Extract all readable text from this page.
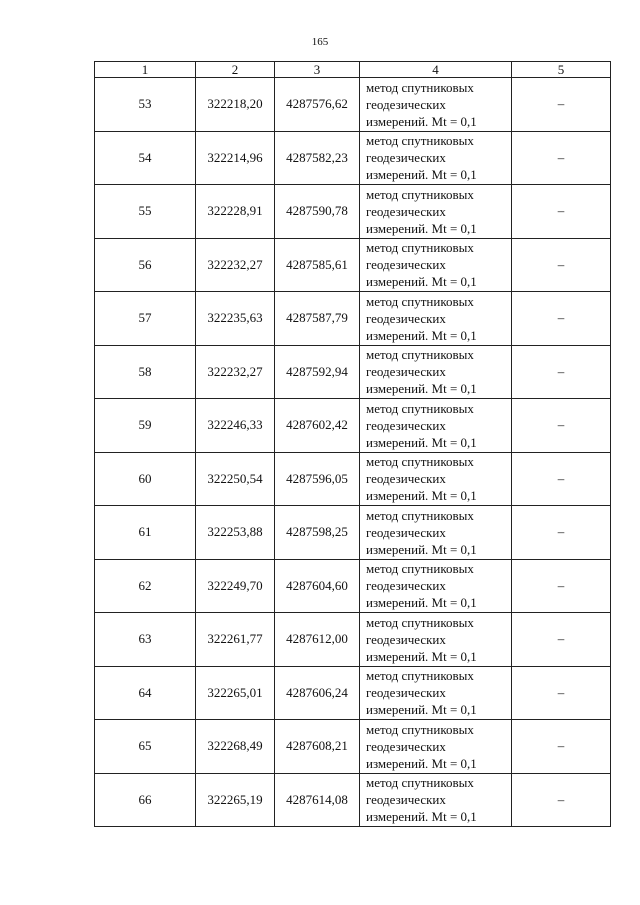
165
1	2	3	4	5
53	322218,20	4287576,62	метод спутниковых
геодезических
измерений. Mt = 0,1	–
54	322214,96	4287582,23	метод спутниковых
геодезических
измерений. Mt = 0,1	–
55	322228,91	4287590,78	метод спутниковых
геодезических
измерений. Mt = 0,1	–
56	322232,27	4287585,61	метод спутниковых
геодезических
измерений. Mt = 0,1	–
57	322235,63	4287587,79	метод спутниковых
геодезических
измерений. Mt = 0,1	–
58	322232,27	4287592,94	метод спутниковых
геодезических
измерений. Mt = 0,1	–
59	322246,33	4287602,42	метод спутниковых
геодезических
измерений. Mt = 0,1	–
60	322250,54	4287596,05	метод спутниковых
геодезических
измерений. Mt = 0,1	–
61	322253,88	4287598,25	метод спутниковых
геодезических
измерений. Mt = 0,1	–
62	322249,70	4287604,60	метод спутниковых
геодезических
измерений. Mt = 0,1	–
63	322261,77	4287612,00	метод спутниковых
геодезических
измерений. Mt = 0,1	–
64	322265,01	4287606,24	метод спутниковых
геодезических
измерений. Mt = 0,1	–
65	322268,49	4287608,21	метод спутниковых
геодезических
измерений. Mt = 0,1	–
66	322265,19	4287614,08	метод спутниковых
геодезических
измерений. Mt = 0,1	–
